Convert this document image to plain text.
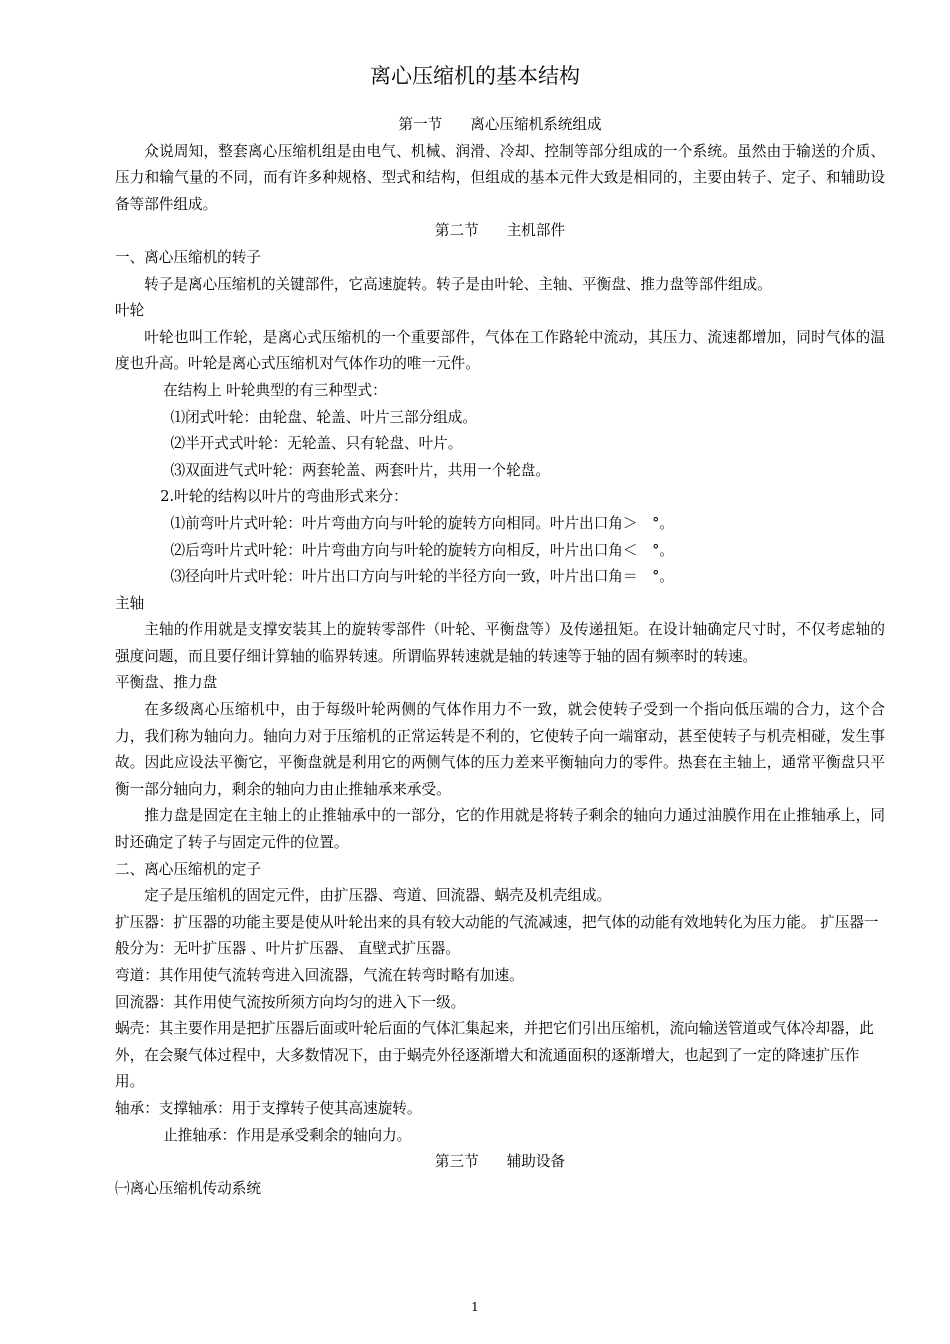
离心压缩机的基本结构

第一节 离心压缩机系统组成

众说周知，整套离心压缩机组是由电气、机械、润滑、冷却、控制等部分组成的一个系统。虽然由于输送的介质、压力和输气量的不同，而有许多种规格、型式和结构，但组成的基本元件大致是相同的，主要由转子、定子、和辅助设备等部件组成。

第二节 主机部件

一、离心压缩机的转子

转子是离心压缩机的关键部件，它高速旋转。转子是由叶轮、主轴、平衡盘、推力盘等部件组成。

叶轮

叶轮也叫工作轮，是离心式压缩机的一个重要部件，气体在工作路轮中流动，其压力、流速都增加，同时气体的温度也升高。叶轮是离心式压缩机对气体作功的唯一元件。

在结构上 叶轮典型的有三种型式：

⑴闭式叶轮：由轮盘、轮盖、叶片三部分组成。

⑵半开式式叶轮：无轮盖、只有轮盘、叶片。

⑶双面进气式叶轮：两套轮盖、两套叶片，共用一个轮盘。

2.叶轮的结构以叶片的弯曲形式来分：

⑴前弯叶片式叶轮：叶片弯曲方向与叶轮的旋转方向相同。叶片出口角＞　°。

⑵后弯叶片式叶轮：叶片弯曲方向与叶轮的旋转方向相反，叶片出口角＜　°。

⑶径向叶片式叶轮：叶片出口方向与叶轮的半径方向一致，叶片出口角＝　°。

主轴

主轴的作用就是支撑安装其上的旋转零部件（叶轮、平衡盘等）及传递扭矩。在设计轴确定尺寸时，不仅考虑轴的强度问题，而且要仔细计算轴的临界转速。所谓临界转速就是轴的转速等于轴的固有频率时的转速。

平衡盘、推力盘

在多级离心压缩机中，由于每级叶轮两侧的气体作用力不一致，就会使转子受到一个指向低压端的合力，这个合力，我们称为轴向力。轴向力对于压缩机的正常运转是不利的，它使转子向一端窜动，甚至使转子与机壳相碰，发生事故。因此应设法平衡它，平衡盘就是利用它的两侧气体的压力差来平衡轴向力的零件。热套在主轴上，通常平衡盘只平衡一部分轴向力，剩余的轴向力由止推轴承来承受。

推力盘是固定在主轴上的止推轴承中的一部分，它的作用就是将转子剩余的轴向力通过油膜作用在止推轴承上，同时还确定了转子与固定元件的位置。

二、离心压缩机的定子

定子是压缩机的固定元件，由扩压器、弯道、回流器、蜗壳及机壳组成。

扩压器：扩压器的功能主要是使从叶轮出来的具有较大动能的气流减速，把气体的动能有效地转化为压力能。 扩压器一般分为：无叶扩压器 、叶片扩压器、 直壁式扩压器。

弯道：其作用使气流转弯进入回流器，气流在转弯时略有加速。

回流器：其作用使气流按所须方向均匀的进入下一级。

蜗壳：其主要作用是把扩压器后面或叶轮后面的气体汇集起来，并把它们引出压缩机，流向输送管道或气体冷却器，此外，在会聚气体过程中，大多数情况下，由于蜗壳外径逐渐增大和流通面积的逐渐增大，也起到了一定的降速扩压作用。

轴承：支撑轴承：用于支撑转子使其高速旋转。

止推轴承：作用是承受剩余的轴向力。

第三节 辅助设备

㈠离心压缩机传动系统

1
